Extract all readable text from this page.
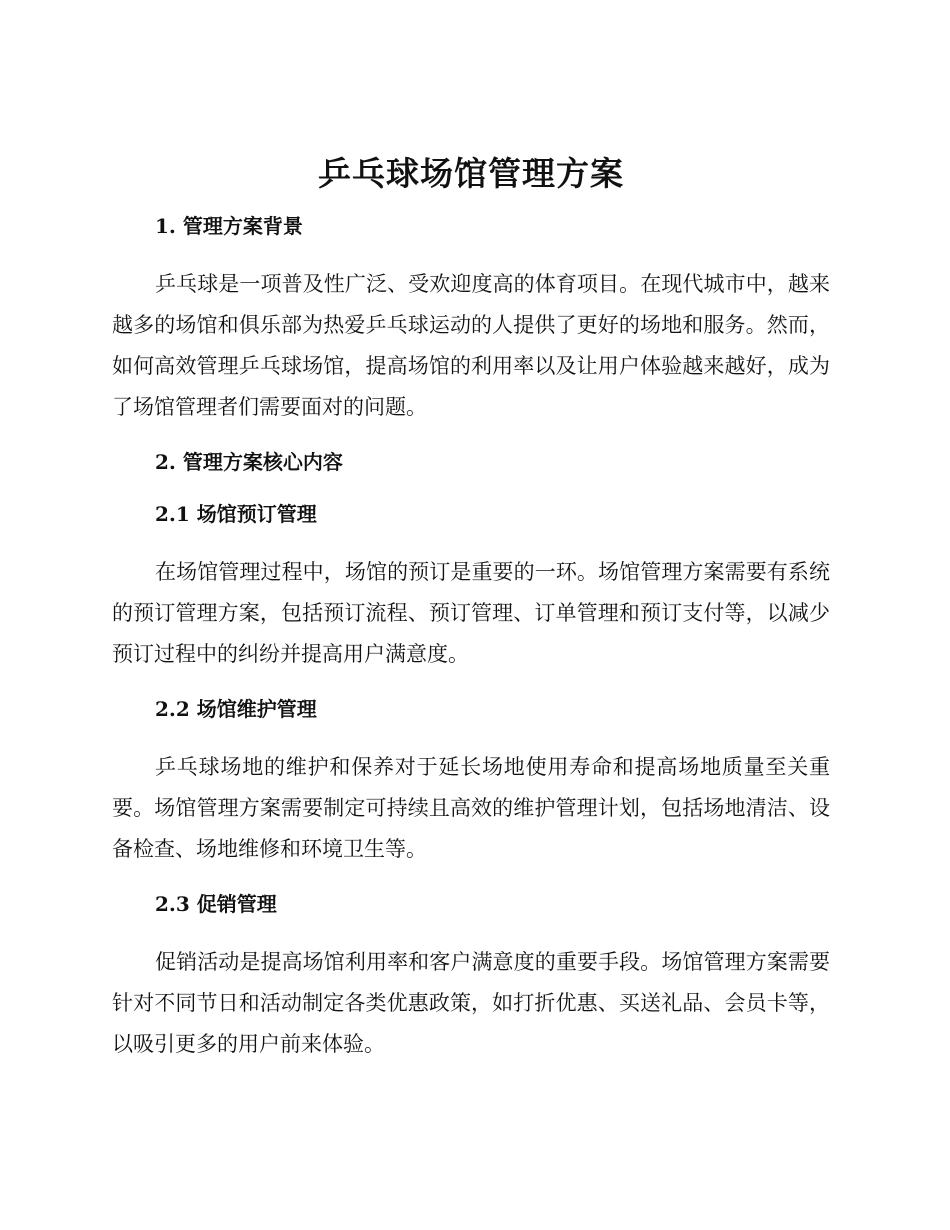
乒乓球场馆管理方案
1. 管理方案背景

乒乓球是一项普及性广泛、受欢迎度高的体育项目。在现代城市中，越来越多的场馆和俱乐部为热爱乒乓球运动的人提供了更好的场地和服务。然而，如何高效管理乒乓球场馆，提高场馆的利用率以及让用户体验越来越好，成为了场馆管理者们需要面对的问题。

2. 管理方案核心内容
2.1 场馆预订管理

在场馆管理过程中，场馆的预订是重要的一环。场馆管理方案需要有系统的预订管理方案，包括预订流程、预订管理、订单管理和预订支付等，以减少预订过程中的纠纷并提高用户满意度。

2.2 场馆维护管理

乒乓球场地的维护和保养对于延长场地使用寿命和提高场地质量至关重要。场馆管理方案需要制定可持续且高效的维护管理计划，包括场地清洁、设备检查、场地维修和环境卫生等。

2.3 促销管理

促销活动是提高场馆利用率和客户满意度的重要手段。场馆管理方案需要针对不同节日和活动制定各类优惠政策，如打折优惠、买送礼品、会员卡等，以吸引更多的用户前来体验。
